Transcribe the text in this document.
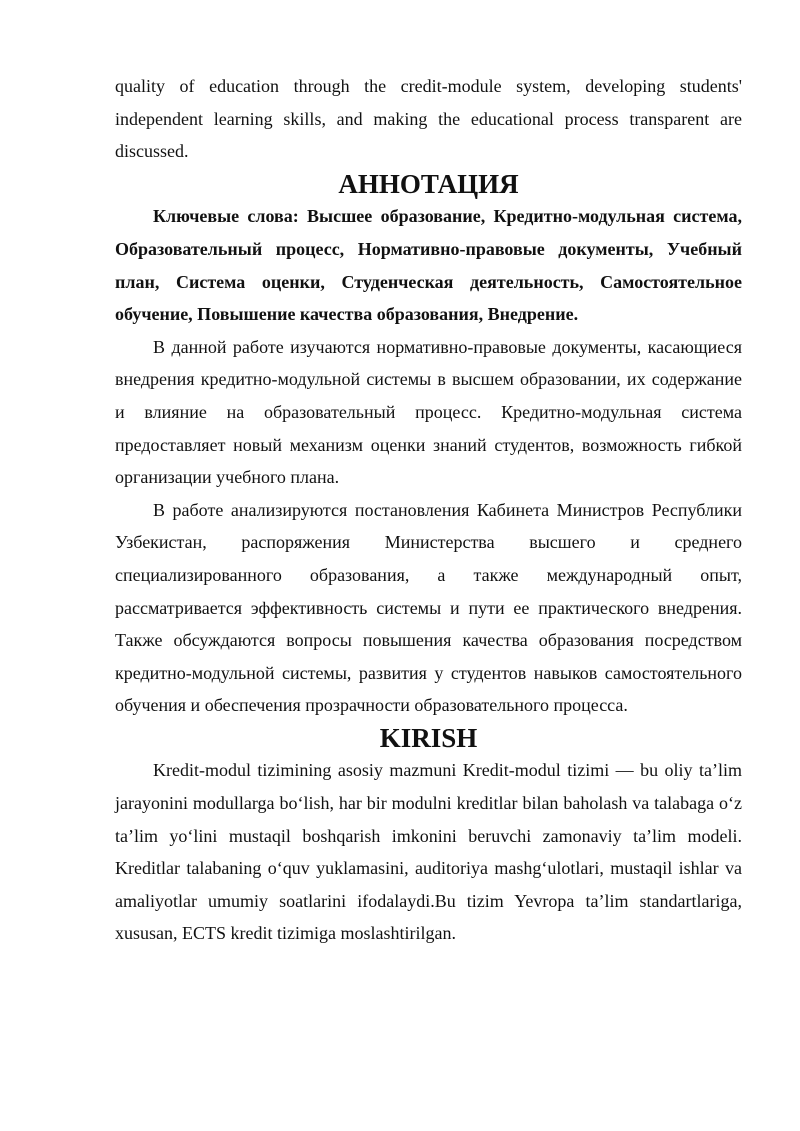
quality of education through the credit-module system, developing students' independent learning skills, and making the educational process transparent are discussed.

АННОТАЦИЯ

Ключевые слова: Высшее образование, Кредитно-модульная система, Образовательный процесс, Нормативно-правовые документы, Учебный план, Система оценки, Студенческая деятельность, Самостоятельное обучение, Повышение качества образования, Внедрение.

В данной работе изучаются нормативно-правовые документы, касающиеся внедрения кредитно-модульной системы в высшем образовании, их содержание и влияние на образовательный процесс. Кредитно-модульная система предоставляет новый механизм оценки знаний студентов, возможность гибкой организации учебного плана.

В работе анализируются постановления Кабинета Министров Республики Узбекистан, распоряжения Министерства высшего и среднего специализированного образования, а также международный опыт, рассматривается эффективность системы и пути ее практического внедрения. Также обсуждаются вопросы повышения качества образования посредством кредитно-модульной системы, развития у студентов навыков самостоятельного обучения и обеспечения прозрачности образовательного процесса.

KIRISH

Kredit-modul tizimining asosiy mazmuni Kredit-modul tizimi — bu oliy ta’lim jarayonini modullarga bo‘lish, har bir modulni kreditlar bilan baholash va talabaga o‘z ta’lim yo‘lini mustaqil boshqarish imkonini beruvchi zamonaviy ta’lim modeli. Kreditlar talabaning o‘quv yuklamasini, auditoriya mashg‘ulotlari, mustaqil ishlar va amaliyotlar umumiy soatlarini ifodalaydi.Bu tizim Yevropa ta’lim standartlariga, xususan, ECTS kredit tizimiga moslashtirilgan.
